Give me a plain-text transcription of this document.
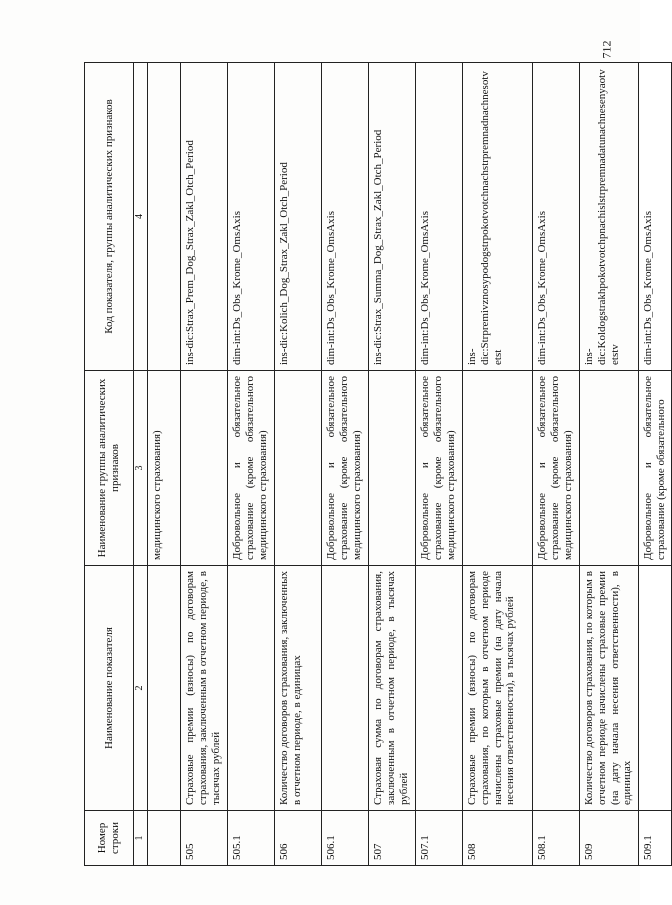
712
Номер строки	Наименование показателя	Наименование группы аналитических признаков	Код показателя, группы аналитических признаков
1	2	3	4
		медицинского страхования)	
505	Страховые премии (взносы) по договорам страхования, заключенным в отчетном периоде, в тысячах рублей		ins-dic:Strax_Prem_Dog_Strax_Zakl_Otch_Period
505.1		Добровольное и обязательное страхование (кроме обязательного медицинского страхования)	dim-int:Ds_Obs_Krome_OmsAxis
506	Количество договоров страхования, заключенных в отчетном периоде, в единицах		ins-dic:Kolich_Dog_Strax_Zakl_Otch_Period
506.1		Добровольное и обязательное страхование (кроме обязательного медицинского страхования)	dim-int:Ds_Obs_Krome_OmsAxis
507	Страховая сумма по договорам страхования, заключенным в отчетном периоде, в тысячах рублей		ins-dic:Strax_Summa_Dog_Strax_Zakl_Otch_Period
507.1		Добровольное и обязательное страхование (кроме обязательного медицинского страхования)	dim-int:Ds_Obs_Krome_OmsAxis
508	Страховые премии (взносы) по договорам страхования, по которым в отчетном периоде начислены страховые премии (на дату начала несения ответственности), в тысячах рублей		ins-dic:Strpremivznosypodogstrpokotvotchnachstrpremnadnachnesotvetst
508.1		Добровольное и обязательное страхование (кроме обязательного медицинского страхования)	dim-int:Ds_Obs_Krome_OmsAxis
509	Количество договоров страхования, по которым в отчетном периоде начислены страховые премии (на дату начала несения ответственности), в единицах		ins-dic:Koldogstrakhpokotvotchpnachislstrpremnadatunachnesenyaotvetstv
509.1		Добровольное и обязательное страхование (кроме обязательного	dim-int:Ds_Obs_Krome_OmsAxis
